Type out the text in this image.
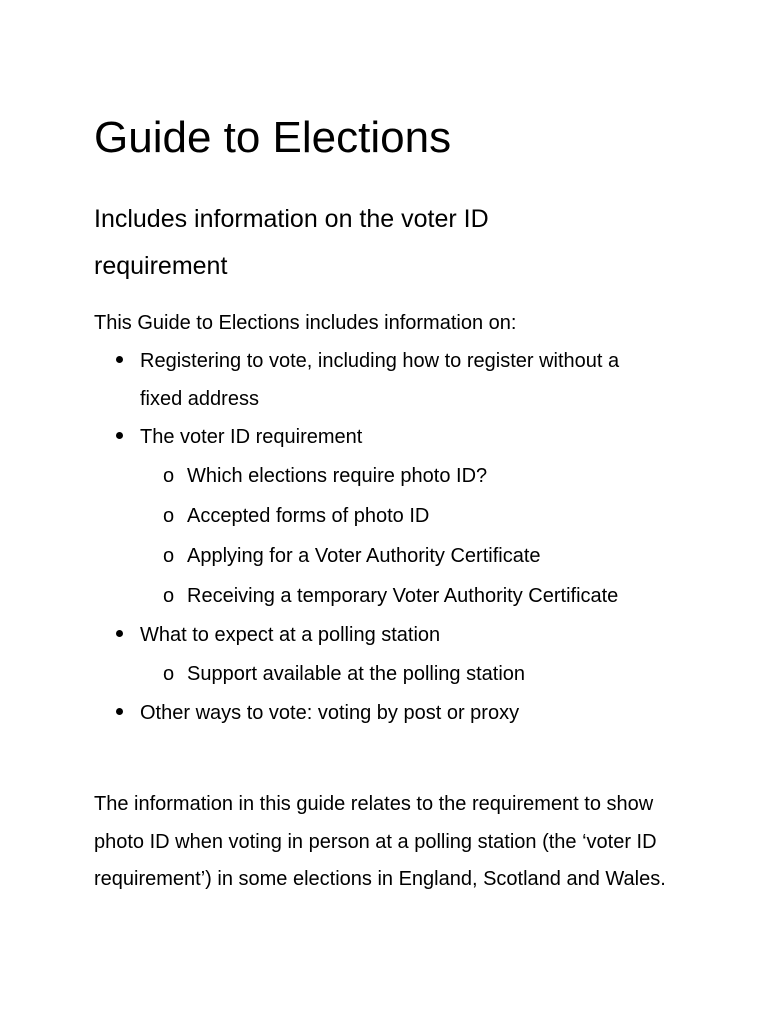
Guide to Elections
Includes information on the voter ID requirement

This Guide to Elections includes information on:

Registering to vote, including how to register without a fixed address
The voter ID requirement
o Which elections require photo ID?
o Accepted forms of photo ID
o Applying for a Voter Authority Certificate
o Receiving a temporary Voter Authority Certificate
What to expect at a polling station
o Support available at the polling station
Other ways to vote: voting by post or proxy

The information in this guide relates to the requirement to show photo ID when voting in person at a polling station (the ‘voter ID requirement’) in some elections in England, Scotland and Wales.
